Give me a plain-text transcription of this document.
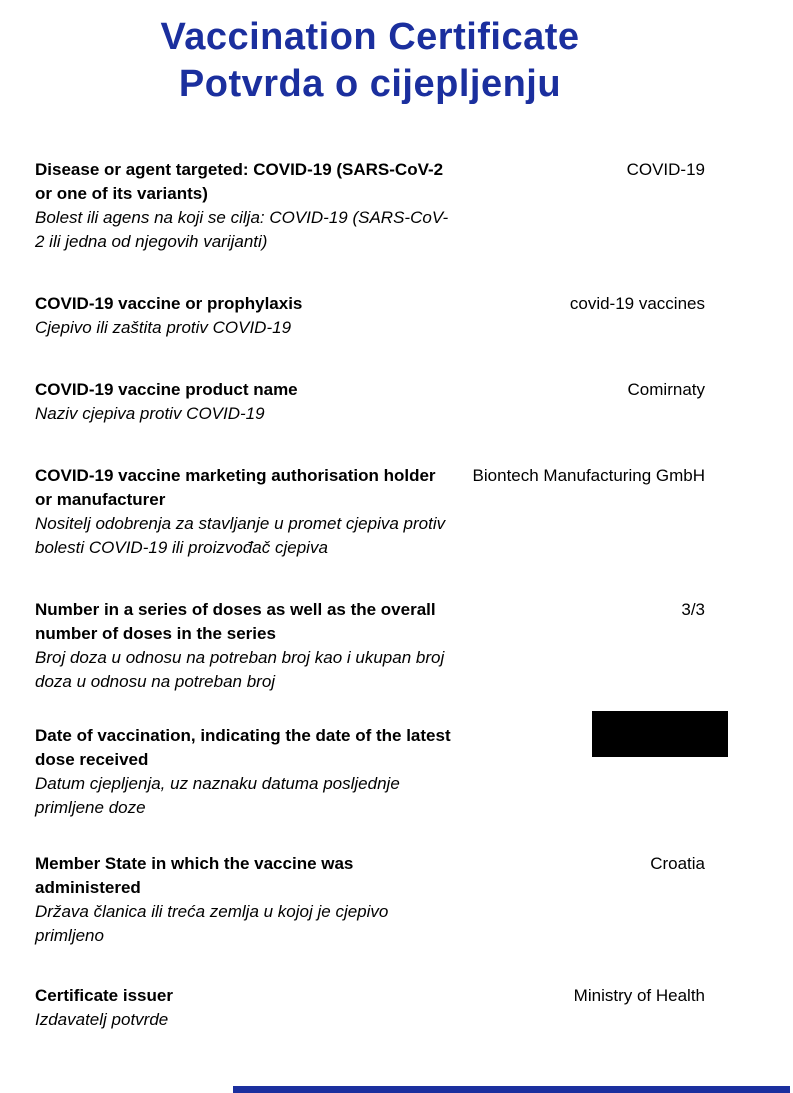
Vaccination Certificate
Potvrda o cijepljenju
Disease or agent targeted: COVID-19 (SARS-CoV-2 or one of its variants)
Bolest ili agens na koji se cilja: COVID-19 (SARS-CoV-2 ili jedna od njegovih varijanti)
COVID-19
COVID-19 vaccine or prophylaxis
Cjepivo ili zaštita protiv COVID-19
covid-19 vaccines
COVID-19 vaccine product name
Naziv cjepiva protiv COVID-19
Comirnaty
COVID-19 vaccine marketing authorisation holder or manufacturer
Nositelj odobrenja za stavljanje u promet cjepiva protiv bolesti COVID-19 ili proizvođač cjepiva
Biontech Manufacturing GmbH
Number in a series of doses as well as the overall number of doses in the series
Broj doza u odnosu na potreban broj kao i ukupan broj doza u odnosu na potreban broj
3/3
Date of vaccination, indicating the date of the latest dose received
Datum cjepljenja, uz naznaku datuma posljednje primljene doze
Member State in which the vaccine was administered
Država članica ili treća zemlja u kojoj je cjepivo primljeno
Croatia
Certificate issuer
Izdavatelj potvrde
Ministry of Health
